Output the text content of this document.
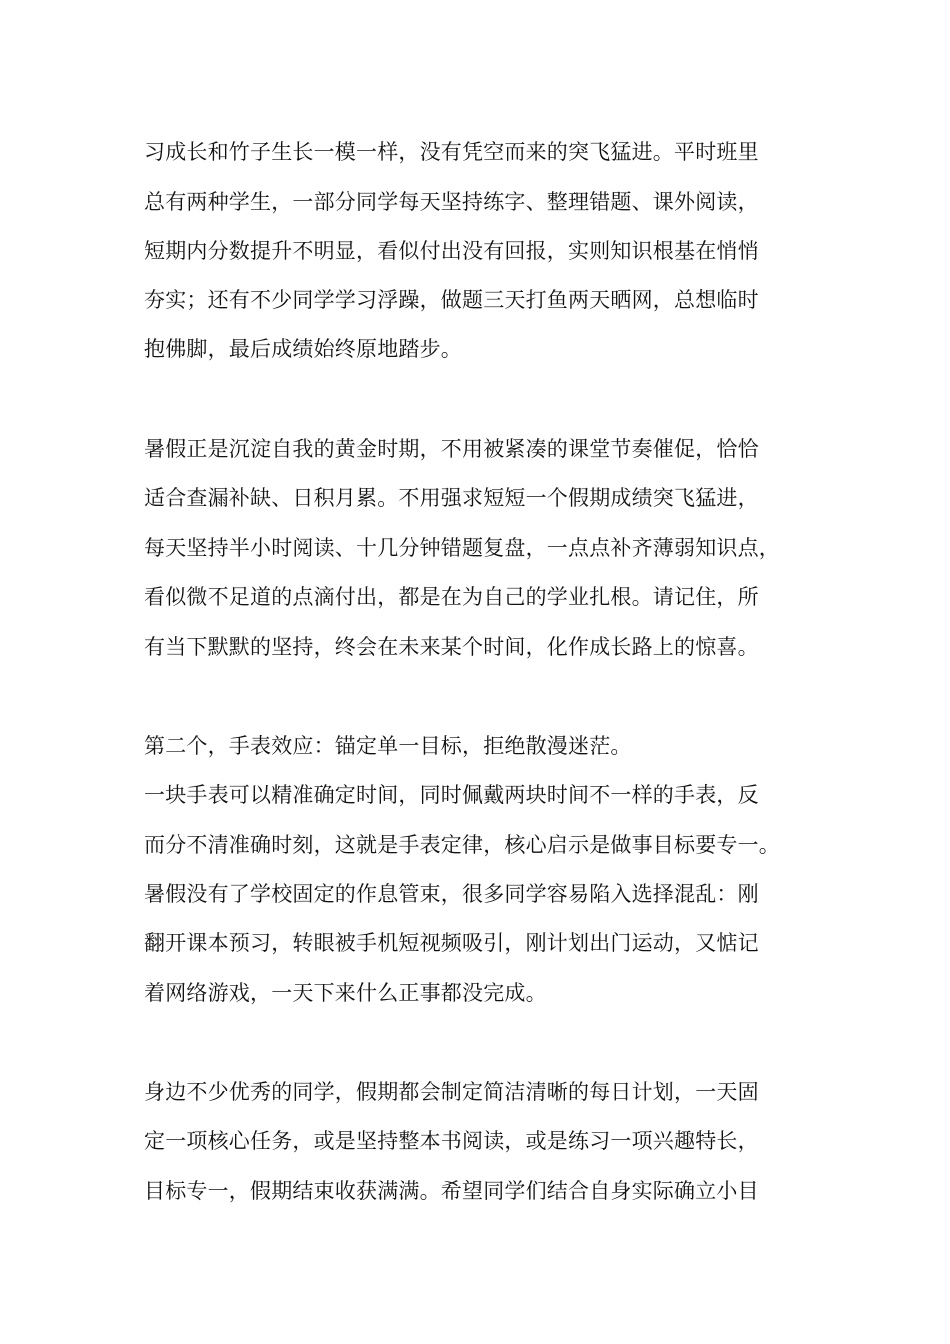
习成长和竹子生长一模一样，没有凭空而来的突飞猛进。平时班里
总有两种学生，一部分同学每天坚持练字、整理错题、课外阅读，
短期内分数提升不明显，看似付出没有回报，实则知识根基在悄悄
夯实；还有不少同学学习浮躁，做题三天打鱼两天晒网，总想临时
抱佛脚，最后成绩始终原地踏步。
暑假正是沉淀自我的黄金时期，不用被紧凑的课堂节奏催促，恰恰
适合查漏补缺、日积月累。不用强求短短一个假期成绩突飞猛进，
每天坚持半小时阅读、十几分钟错题复盘，一点点补齐薄弱知识点，
看似微不足道的点滴付出，都是在为自己的学业扎根。请记住，所
有当下默默的坚持，终会在未来某个时间，化作成长路上的惊喜。
第二个，手表效应：锚定单一目标，拒绝散漫迷茫。
一块手表可以精准确定时间，同时佩戴两块时间不一样的手表，反
而分不清准确时刻，这就是手表定律，核心启示是做事目标要专一。
暑假没有了学校固定的作息管束，很多同学容易陷入选择混乱：刚
翻开课本预习，转眼被手机短视频吸引，刚计划出门运动，又惦记
着网络游戏，一天下来什么正事都没完成。
身边不少优秀的同学，假期都会制定简洁清晰的每日计划，一天固
定一项核心任务，或是坚持整本书阅读，或是练习一项兴趣特长，
目标专一，假期结束收获满满。希望同学们结合自身实际确立小目
